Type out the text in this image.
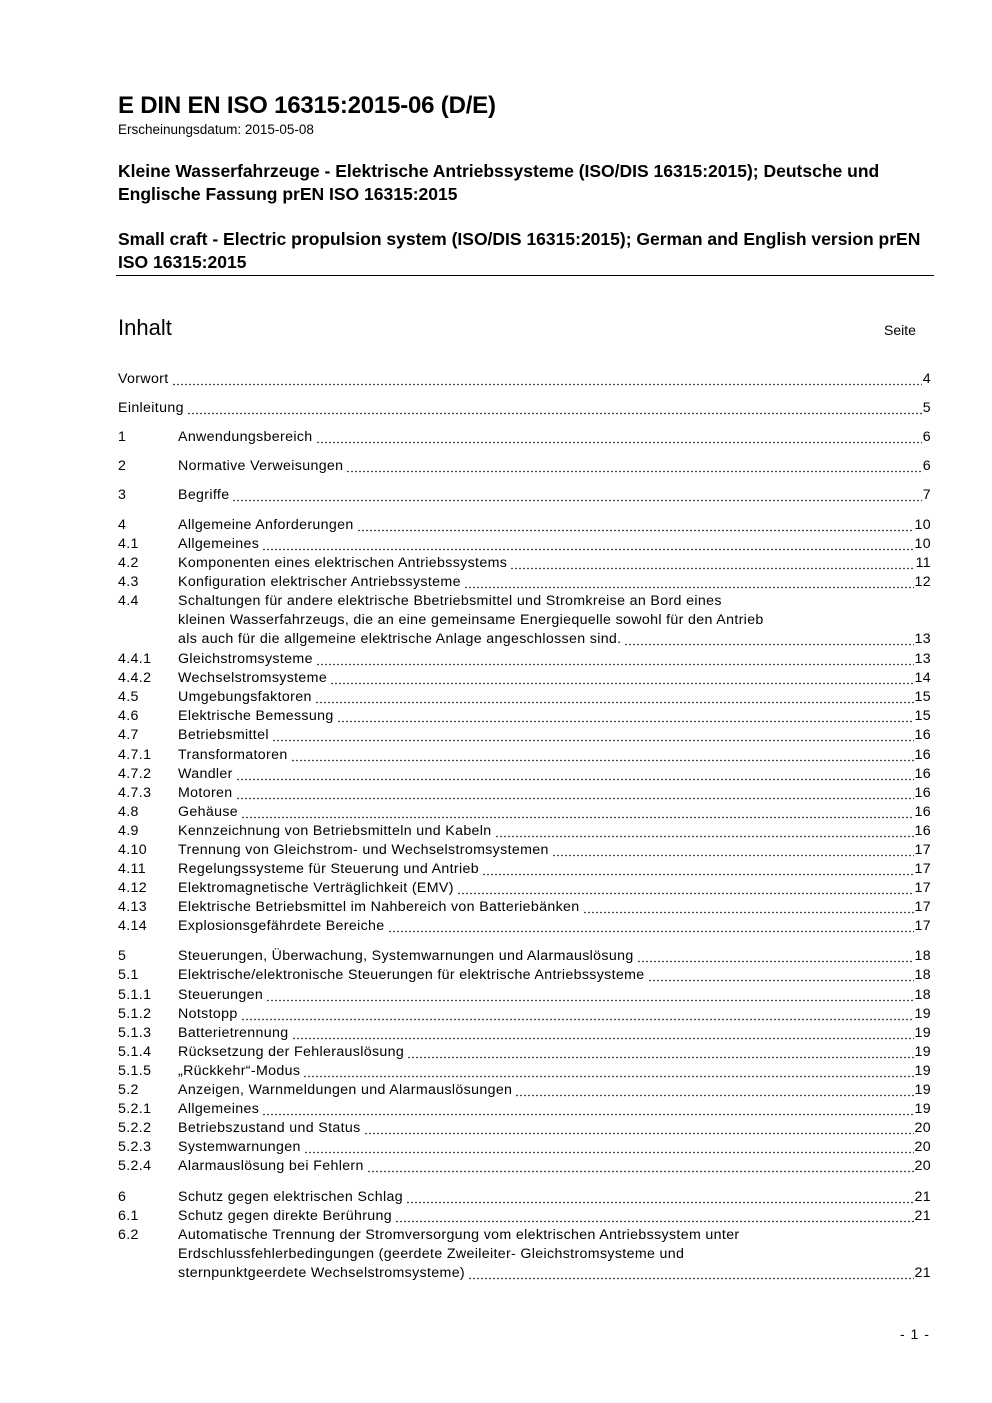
E DIN EN ISO 16315:2015-06 (D/E)
Erscheinungsdatum: 2015-05-08
Kleine Wasserfahrzeuge - Elektrische Antriebssysteme (ISO/DIS 16315:2015); Deutsche und Englische Fassung prEN ISO 16315:2015
Small craft - Electric propulsion system (ISO/DIS 16315:2015); German and English version prEN ISO 16315:2015
Inhalt	Seite
Vorwort	4
Einleitung	5
1	Anwendungsbereich	6
2	Normative Verweisungen	6
3	Begriffe	7
4	Allgemeine Anforderungen	10
4.1	Allgemeines	10
4.2	Komponenten eines elektrischen Antriebssystems	11
4.3	Konfiguration elektrischer Antriebssysteme	12
4.4	Schaltungen für andere elektrische Bbetriebsmittel und Stromkreise an Bord eines
kleinen Wasserfahrzeugs, die an eine gemeinsame Energiequelle sowohl für den Antrieb
als auch für die allgemeine elektrische Anlage angeschlossen sind.	13
4.4.1 Gleichstromsysteme	13
4.4.2 Wechselstromsysteme	14
4.5	Umgebungsfaktoren	15
4.6	Elektrische Bemessung	15
4.7	Betriebsmittel	16
4.7.1 Transformatoren	16
4.7.2 Wandler	16
4.7.3 Motoren	16
4.8	Gehäuse	16
4.9	Kennzeichnung von Betriebsmitteln und Kabeln	16
4.10 Trennung von Gleichstrom- und Wechselstromsystemen	17
4.11 Regelungssysteme für Steuerung und Antrieb	17
4.12 Elektromagnetische Verträglichkeit (EMV)	17
4.13 Elektrische Betriebsmittel im Nahbereich von Batteriebänken	17
4.14 Explosionsgefährdete Bereiche	17
5	Steuerungen, Überwachung, Systemwarnungen und Alarmauslösung	18
5.1	Elektrische/elektronische Steuerungen für elektrische Antriebssysteme	18
5.1.1 Steuerungen	18
5.1.2 Notstopp	19
5.1.3 Batterietrennung	19
5.1.4 Rücksetzung der Fehlerauslösung	19
5.1.5 „Rückkehr“-Modus	19
5.2	Anzeigen, Warnmeldungen und Alarmauslösungen	19
5.2.1 Allgemeines	19
5.2.2 Betriebszustand und Status	20
5.2.3 Systemwarnungen	20
5.2.4 Alarmauslösung bei Fehlern	20
6	Schutz gegen elektrischen Schlag	21
6.1	Schutz gegen direkte Berührung	21
6.2	Automatische Trennung der Stromversorgung vom elektrischen Antriebssystem unter
Erdschlussfehlerbedingungen (geerdete Zweileiter- Gleichstromsysteme und
sternpunktgeerdete Wechselstromsysteme)	21
- 1 -
